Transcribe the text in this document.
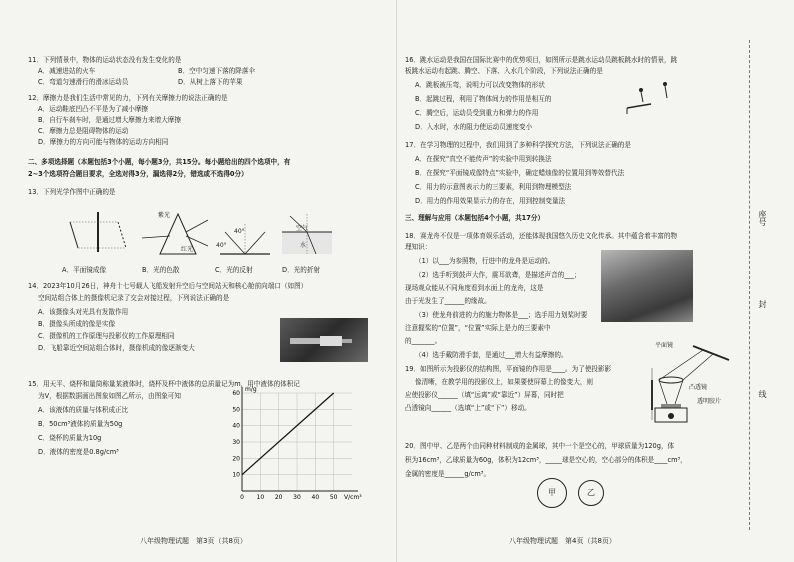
11．下列情景中，物体的运动状态没有发生变化的是
A．减速进站的火车	B．空中匀速下落的降落伞
C．弯道匀速滑行的滑冰运动员	D．从树上落下的苹果
12．摩擦力是我们生活中常见的力，下列有关摩擦力的说法正确的是
A．运动鞋底凹凸不平是为了减小摩擦
B．自行车刹车时，是通过增大摩擦力来增大摩擦
C．摩擦力总是阻碍物体的运动
D．摩擦力的方向可能与物体的运动方向相同
二、多项选择题（本题包括3个小题，每小题3分，共15分。每小题给出的四个选项中，有
2~3个选项符合题目要求，全选对得3分，漏选得2分，错选或不选得0分）
13．下列光学作图中正确的是
紫光
红光
40°
40°	空气
水
A．平面镜成像	B．光的色散	C．光的反射	D．光的折射
14．2023年10月26日，神舟十七号载人飞船发射升空后与空间站天和核心舱前向端口（如图）
空间站组合体上的摄像机记录了交会对接过程，下列说法正确的是
A．该摄像头对光具有发散作用
B．摄像头所成的像是实像
C．摄像机的工作原理与投影仪的工作原理相同
D．飞船靠近空间站组合体时，摄像机成的像逐渐变大
15．用天平、烧杯和量筒称量某液体时，烧杯及杯中液体的总质量记为m，用中液体的体积记
为V，根据数据画出图象如图乙所示，由图象可知
A．该液体的质量与体积成正比
B．50cm³液体的质量为50g
C．烧杯的质量为10g
D．液体的密度是0.8g/cm³
0 10 20 30 40 50
10
20
30
40
50
60
m/g
V/cm³
八年级物理试题　第3页（共8页）
16．跳水运动是我国在国际比赛中的优势项目，如图所示是跳水运动员跳板跳水时的情景，跳
板跳水运动有起跳、腾空、下落、入水几个阶段，下列说法正确的是
A．跳板被压弯，说明力可以改变物体的形状
B．起跳过程，利用了物体间力的作用是相互的
C．腾空后，运动员受到重力和弹力的作用
D．入水时，水的阻力使运动员速度变小
17．在学习物理的过程中，我们用到了多种科学探究方法，下列说法正确的是
A．在探究“真空不能传声”的实验中用到转换法
B．在探究“平面镜成像特点”实验中，确定蜡烛像的位置用到等效替代法
C．用力的示意图表示力的三要素，利用到物理模型法
D．用力的作用效果显示力的存在，用到控制变量法
三、理解与应用（本题包括4个小题，共17分）
18．赛龙舟不仅是一项体育娱乐活动，还能体现我国悠久历史文化传承。其中蕴含着丰富的物
理知识：
（1）以___为参照物，行进中的龙舟是运动的。
（2）选手听到鼓声大作，震耳欲聋，是描述声音的___；
现场观众能从不同角度看到水面上的龙舟，这是
由于光发生了______的缘故。
（3）使龙舟前进的力的施力物体是___；选手用力划桨时要
注意握桨的“位置”，“位置”实际上是力的三要素中
的_______。
（4）选手戴防滑手套，是通过___增大有益摩擦的。
19．如图所示为投影仪的结构图，平面镜的作用是____。为了使投影影
像清晰，在教学用的投影仪上，如果要使屏幕上的像变大，则
应使投影仪______（填“远离”或“靠近”）屏幕，同时把
凸透镜向______（选填“上”或“下”）移动。
平面镜
凸透镜
透明胶片
20．图中甲、乙是两个由同种材料制成的金属球，其中一个是空心的，甲球质量为120g，体
积为16cm³，乙球质量为60g，体积为12cm³，_____球是空心的，空心部分的体积是____cm³，
金属的密度是______g/cm³。
甲	乙
座号
封
线
八年级物理试题　第4页（共8页）
